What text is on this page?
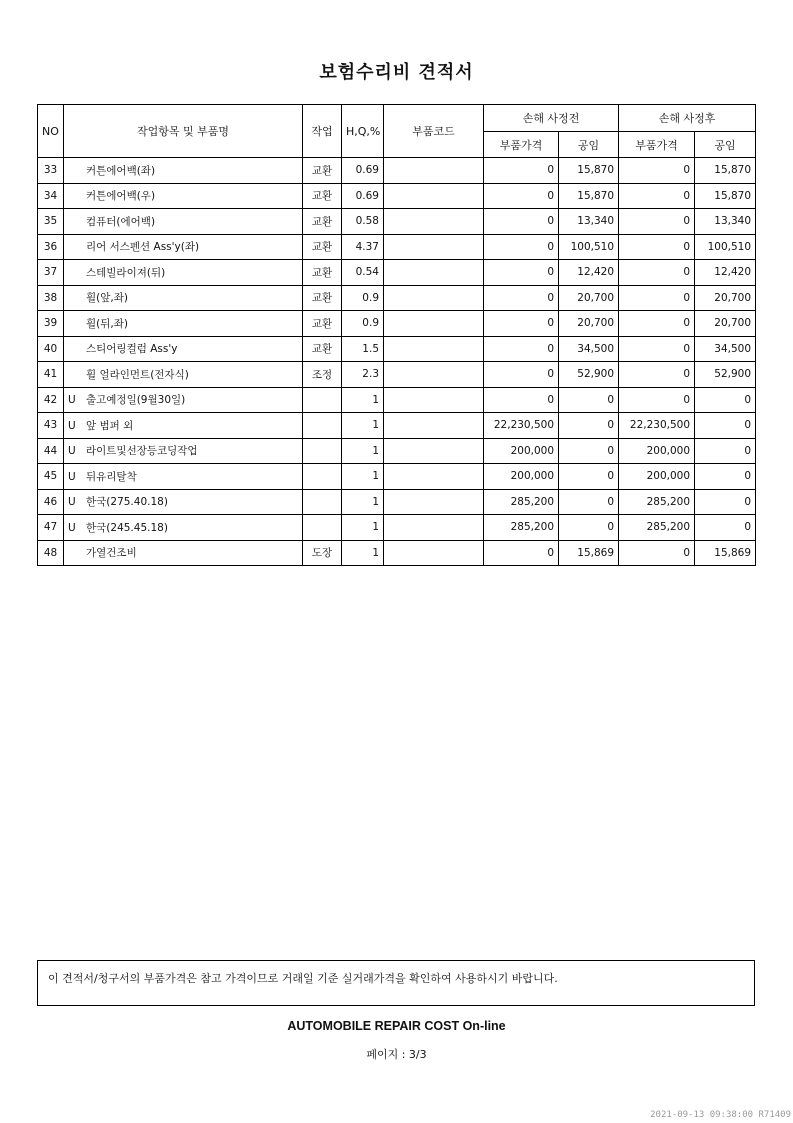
보험수리비 견적서
NO	작업항목 및 부품명	작업	H,Q,%	부품코드	손해 사정전		손해 사정후	
					부품가격	공임	부품가격	공임
33	커튼에어백(좌)	교환	0.69		0	15,870	0	15,870
34	커튼에어백(우)	교환	0.69		0	15,870	0	15,870
35	컴퓨터(에어백)	교환	0.58		0	13,340	0	13,340
36	리어 서스펜션 Ass'y(좌)	교환	4.37		0	100,510	0	100,510
37	스테빌라이져(뒤)	교환	0.54		0	12,420	0	12,420
38	휠(앞,좌)	교환	0.9		0	20,700	0	20,700
39	휠(뒤,좌)	교환	0.9		0	20,700	0	20,700
40	스티어링컬럼 Ass'y	교환	1.5		0	34,500	0	34,500
41	휠 얼라인먼트(전자식)	조정	2.3		0	52,900	0	52,900
42	U 출고예정일(9월30일)		1		0	0	0	0
43	U 앞 범퍼 외		1		22,230,500	0	22,230,500	0
44	U 라이트및선장등코딩작업		1		200,000	0	200,000	0
45	U 뒤유리탈착		1		200,000	0	200,000	0
46	U 한국(275.40.18)		1		285,200	0	285,200	0
47	U 한국(245.45.18)		1		285,200	0	285,200	0
48	가열건조비	도장	1		0	15,869	0	15,869
이 견적서/청구서의 부품가격은 참고 가격이므로 거래일 기준 실거래가격을 확인하여 사용하시기 바랍니다.
AUTOMOBILE REPAIR COST On-line
페이지 : 3/3
2021-09-13 09:38:00 R71409
